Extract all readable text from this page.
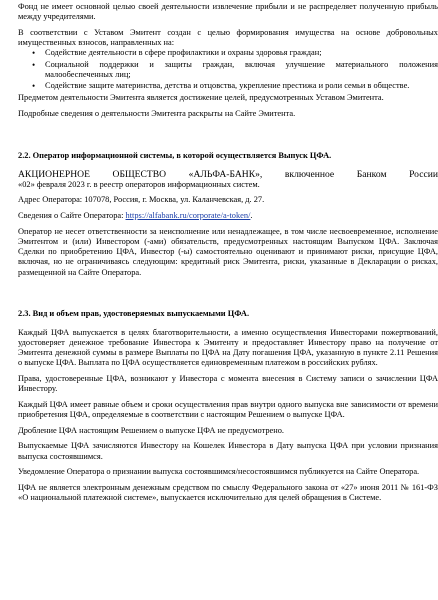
Фонд не имеет основной целью своей деятельности извлечение прибыли и не распределяет полученную прибыль между учредителями.

В соответствии с Уставом Эмитент создан с целью формирования имущества на основе добровольных имущественных взносов, направленных на:

• Содействие деятельности в сфере профилактики и охраны здоровья граждан;
• Социальной поддержки и защиты граждан, включая улучшение материального положения малообеспеченных лиц;
• Содействие защите материнства, детства и отцовства, укрепление престижа и роли семьи в обществе.

Предметом деятельности Эмитента является достижение целей, предусмотренных Уставом Эмитента.

Подробные сведения о деятельности Эмитента раскрыты на Сайте Эмитента.

2.2. Оператор информационной системы, в которой осуществляется Выпуск ЦФА.
АКЦИОНЕРНОЕ ОБЩЕСТВО «АЛЬФА-БАНК», включенное Банком России

«02» февраля 2023 г. в реестр операторов информационных систем.

Адрес Оператора: 107078, Россия, г. Москва, ул. Каланчевская, д. 27.

Сведения о Сайте Оператора: https://alfabank.ru/corporate/a-token/.

Оператор не несет ответственности за неисполнение или ненадлежащее, в том числе несвоевременное, исполнение Эмитентом и (или) Инвестором (-ами) обязательств, предусмотренных настоящим Выпуском ЦФА. Заключая Сделки по приобретению ЦФА, Инвестор (-ы) самостоятельно оценивают и принимают риски, присущие ЦФА, включая, но не ограничиваясь следующим: кредитный риск Эмитента, риски, указанные в Декларации о рисках, размещенной на Сайте Оператора.

2.3. Вид и объем прав, удостоверяемых выпускаемыми ЦФА.

Каждый ЦФА выпускается в целях благотворительности, а именно осуществления Инвесторами пожертвований, удостоверяет денежное требование Инвестора к Эмитенту и предоставляет Инвестору право на получение от Эмитента денежной суммы в размере Выплаты по ЦФА на Дату погашения ЦФА, указанную в пункте 2.11 Решения о выпуске ЦФА. Выплата по ЦФА осуществляется единовременным платежом в российских рублях.

Права, удостоверенные ЦФА, возникают у Инвестора с момента внесения в Систему записи о зачислении ЦФА Инвестору.

Каждый ЦФА имеет равные объем и сроки осуществления прав внутри одного выпуска вне зависимости от времени приобретения ЦФА, определяемые в соответствии с настоящим Решением о выпуске ЦФА.

Дробление ЦФА настоящим Решением о выпуске ЦФА не предусмотрено.

Выпускаемые ЦФА зачисляются Инвестору на Кошелек Инвестора в Дату выпуска ЦФА при условии признания выпуска состоявшимся.

Уведомление Оператора о признании выпуска состоявшимся/несостоявшимся публикуется на Сайте Оператора.

ЦФА не является электронным денежным средством по смыслу Федерального закона от «27» июня 2011 № 161-ФЗ «О национальной платежной системе», выпускается исключительно для целей обращения в Системе.
